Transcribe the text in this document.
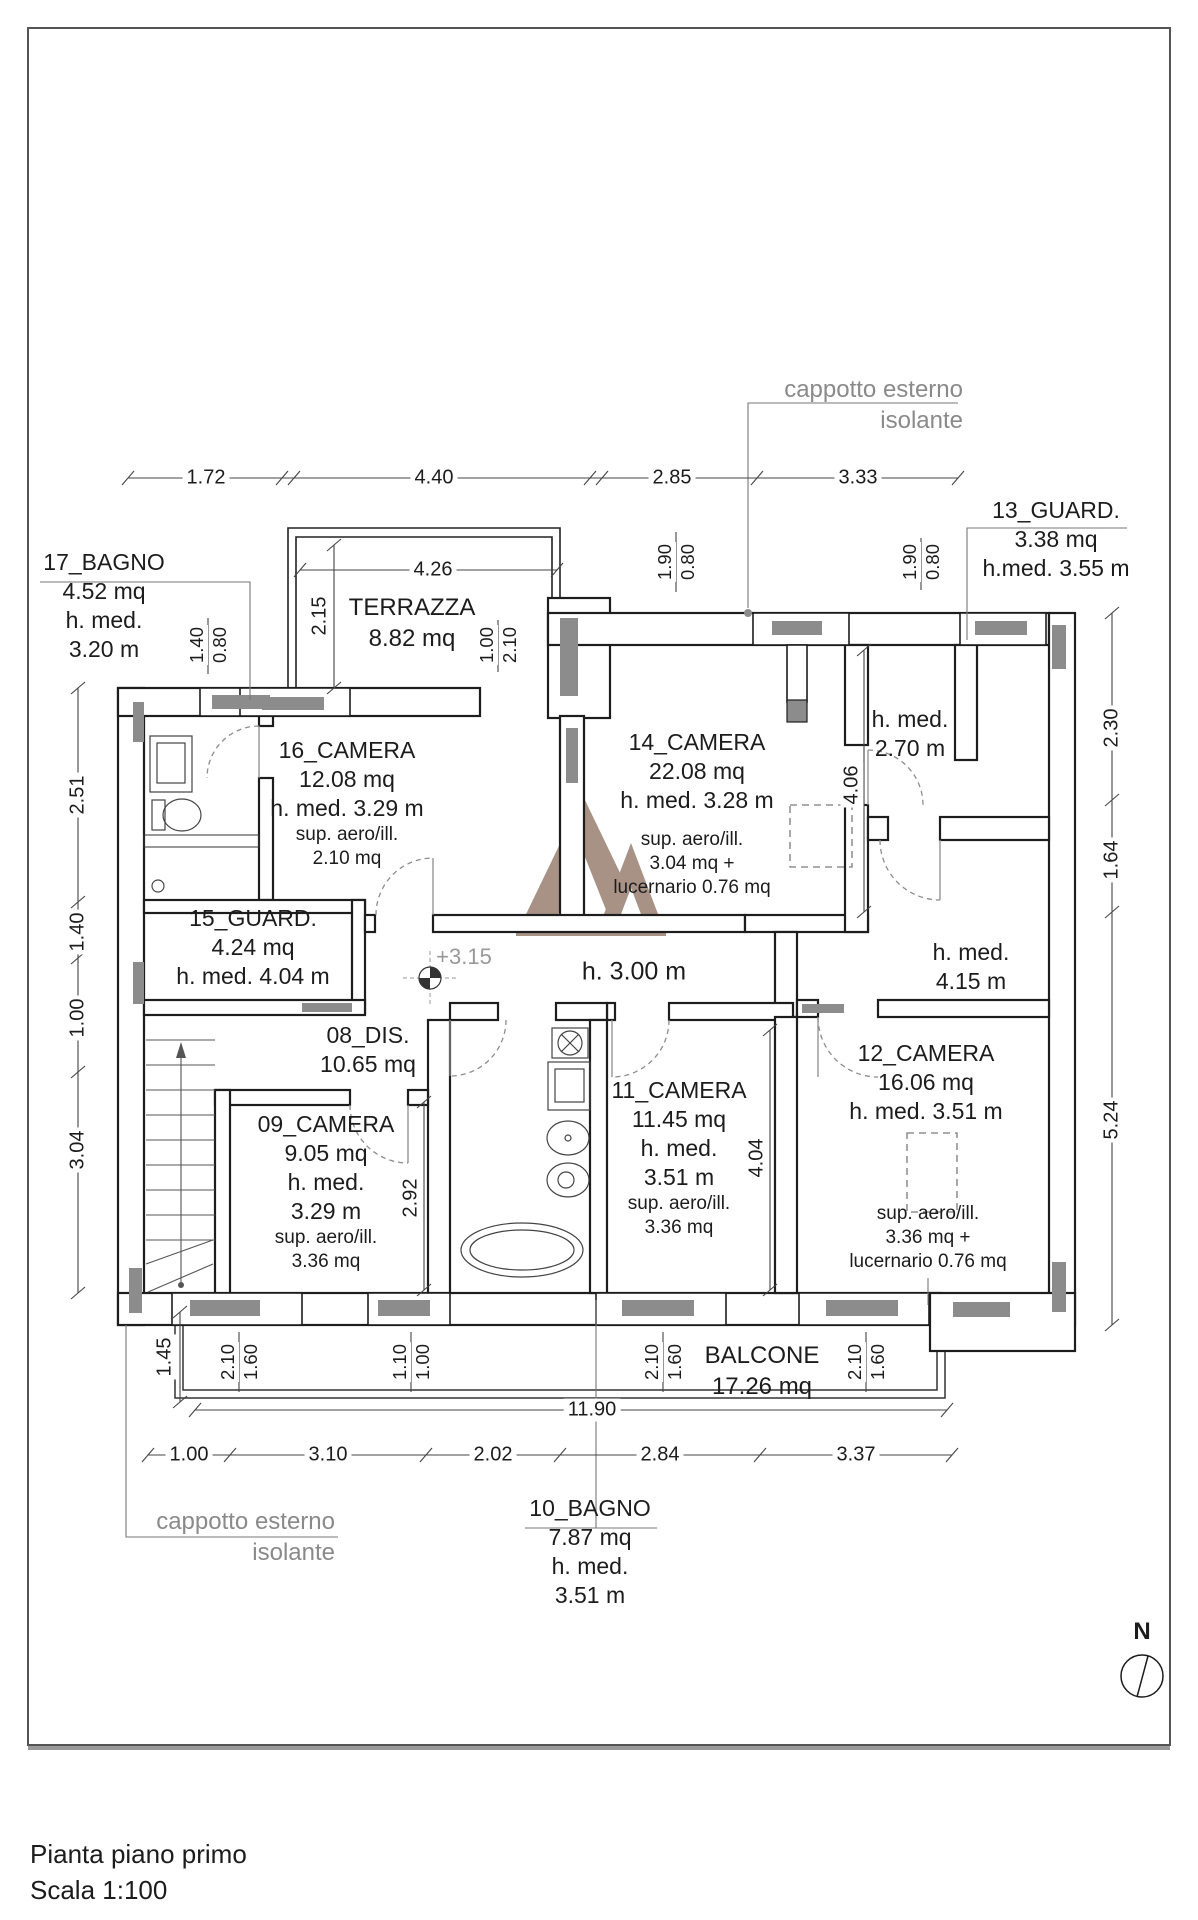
cappotto esterno
isolante
cappotto esterno
isolante
+3.15
h. 3.00 m
17_BAGNO
4.52 mq
h. med.
3.20 m
TERRAZZA
8.82 mq
13_GUARD.
3.38 mq
h.med. 3.55 m
16_CAMERA
12.08 mq
h. med. 3.29 m
sup. aero/ill.
2.10 mq
14_CAMERA
22.08 mq
h. med. 3.28 m
sup. aero/ill.
3.04 mq +
lucernario 0.76 mq
h. med.
2.70 m
15_GUARD.
4.24 mq
h. med. 4.04 m
08_DIS.
10.65 mq
h. med.
4.15 m
09_CAMERA
9.05 mq
h. med.
3.29 m
sup. aero/ill.
3.36 mq
11_CAMERA
11.45 mq
h. med.
3.51 m
sup. aero/ill.
3.36 mq
12_CAMERA
16.06 mq
h. med. 3.51 m
sup. aero/ill.
3.36 mq +
lucernario 0.76 mq
BALCONE
17.26 mq
10_BAGNO
7.87 mq
h. med.
3.51 m
1.72	4.40	2.85	3.33
4.26
11.90
1.00	3.10	2.02	2.84	3.37
2.51
1.40
1.00
3.04
2.30
1.64
5.24
2.15
4.06
4.04
2.92
1.45
1.40 0.80	1.00 2.10
1.90 0.80	1.90 0.80
2.10 1.60	1.10 1.00	2.10 1.60	2.10 1.60
Pianta piano primo
Scala 1:100
N
